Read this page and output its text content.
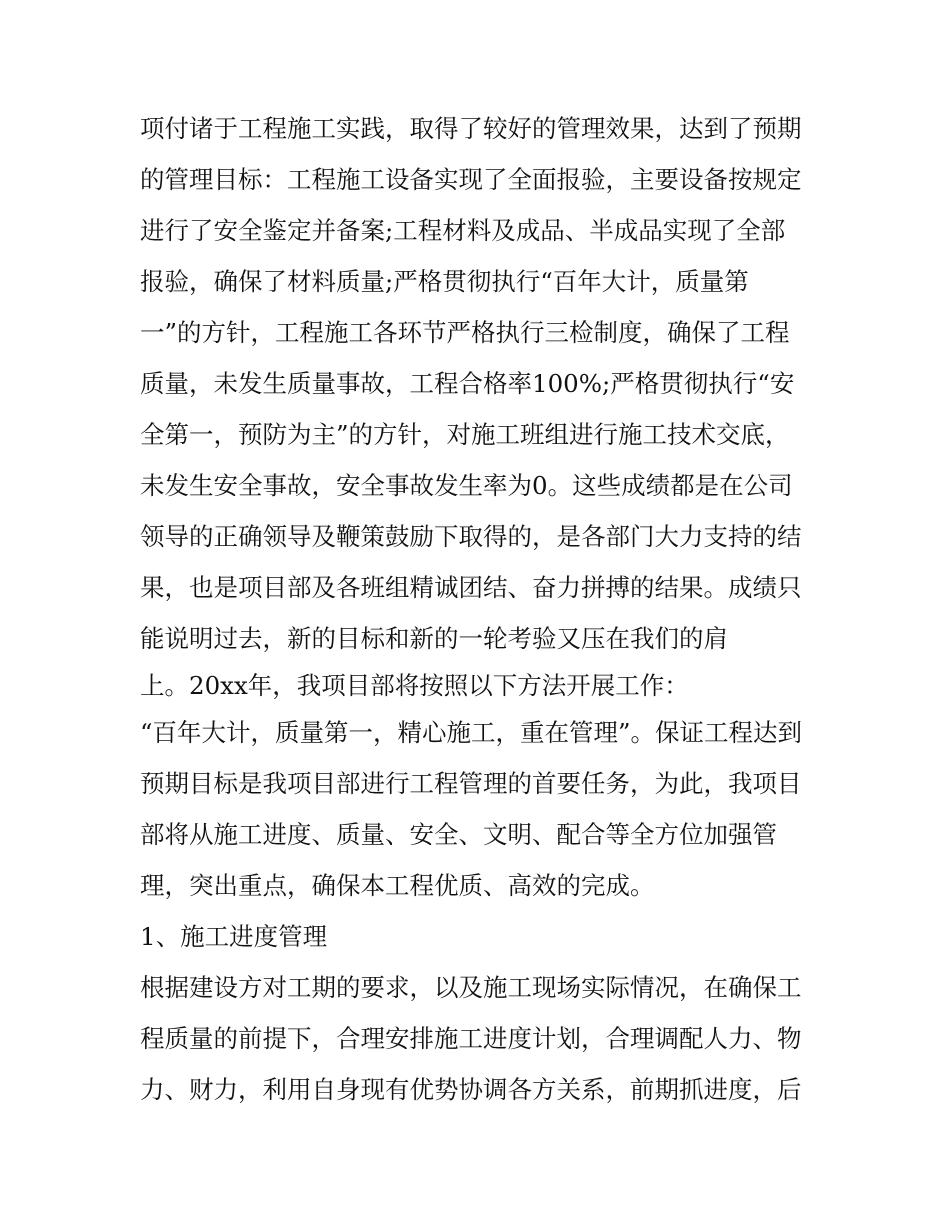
项付诸于工程施工实践，取得了较好的管理效果，达到了预期
的管理目标：工程施工设备实现了全面报验，主要设备按规定
进行了安全鉴定并备案;工程材料及成品、半成品实现了全部
报验，确保了材料质量;严格贯彻执行“百年大计，质量第
一”的方针，工程施工各环节严格执行三检制度，确保了工程
质量，未发生质量事故，工程合格率100%;严格贯彻执行“安
全第一，预防为主”的方针，对施工班组进行施工技术交底，
未发生安全事故，安全事故发生率为0。这些成绩都是在公司
领导的正确领导及鞭策鼓励下取得的，是各部门大力支持的结
果，也是项目部及各班组精诚团结、奋力拼搏的结果。成绩只
能说明过去，新的目标和新的一轮考验又压在我们的肩
上。20xx年，我项目部将按照以下方法开展工作：
“百年大计，质量第一，精心施工，重在管理”。保证工程达到
预期目标是我项目部进行工程管理的首要任务，为此，我项目
部将从施工进度、质量、安全、文明、配合等全方位加强管
理，突出重点，确保本工程优质、高效的完成。
1、施工进度管理
根据建设方对工期的要求，以及施工现场实际情况，在确保工
程质量的前提下，合理安排施工进度计划，合理调配人力、物
力、财力，利用自身现有优势协调各方关系，前期抓进度，后
